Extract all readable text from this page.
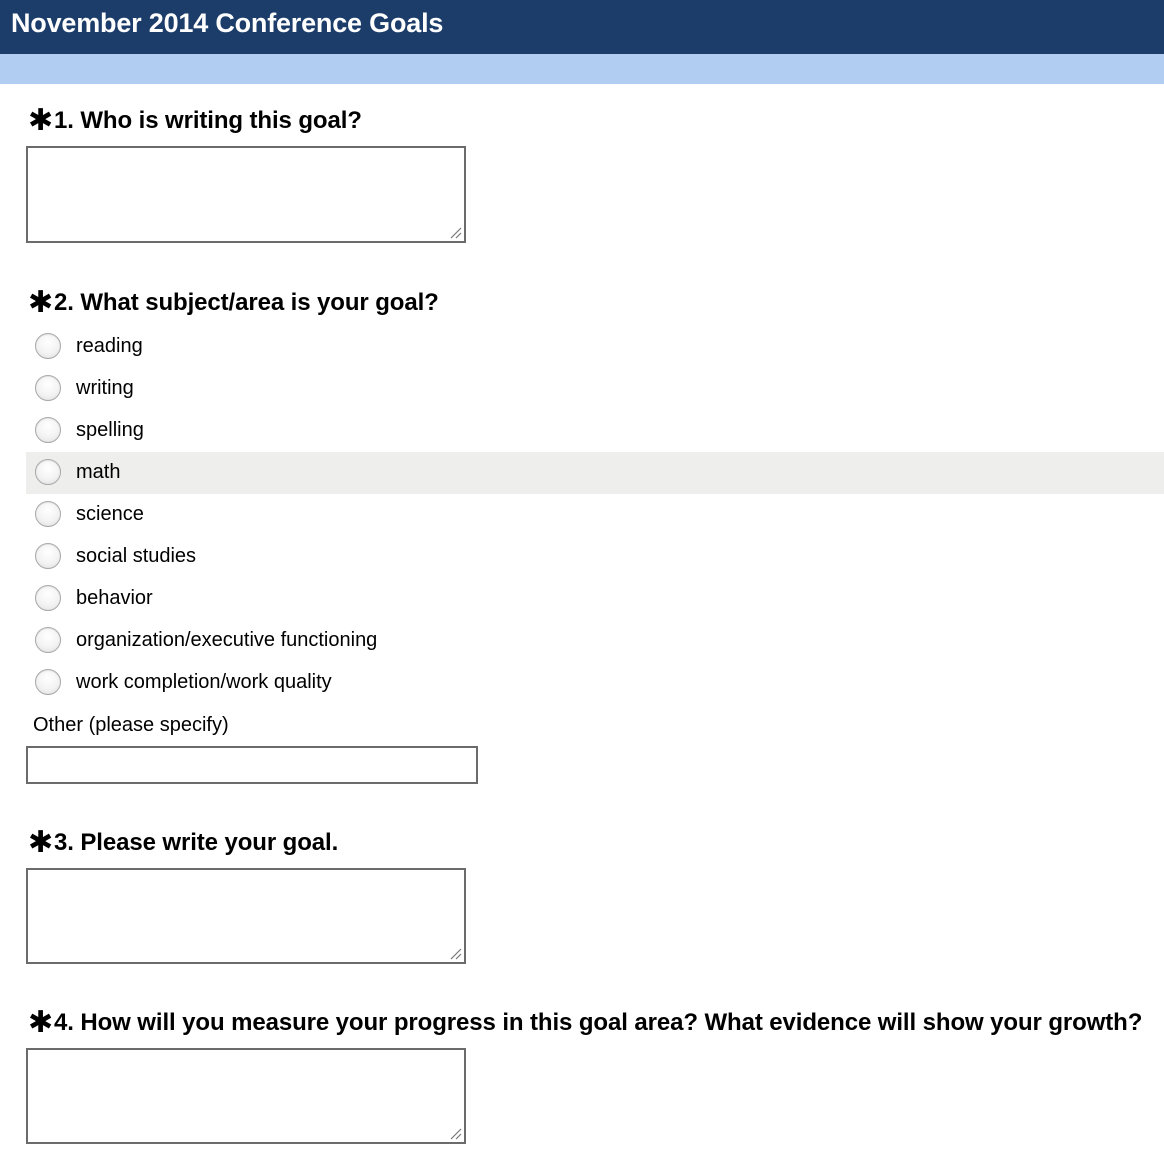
November 2014 Conference Goals
✱1. Who is writing this goal?
✱2. What subject/area is your goal?
reading
writing
spelling
math
science
social studies
behavior
organization/executive functioning
work completion/work quality
Other (please specify)
✱3. Please write your goal.
✱4. How will you measure your progress in this goal area? What evidence will show your growth?
